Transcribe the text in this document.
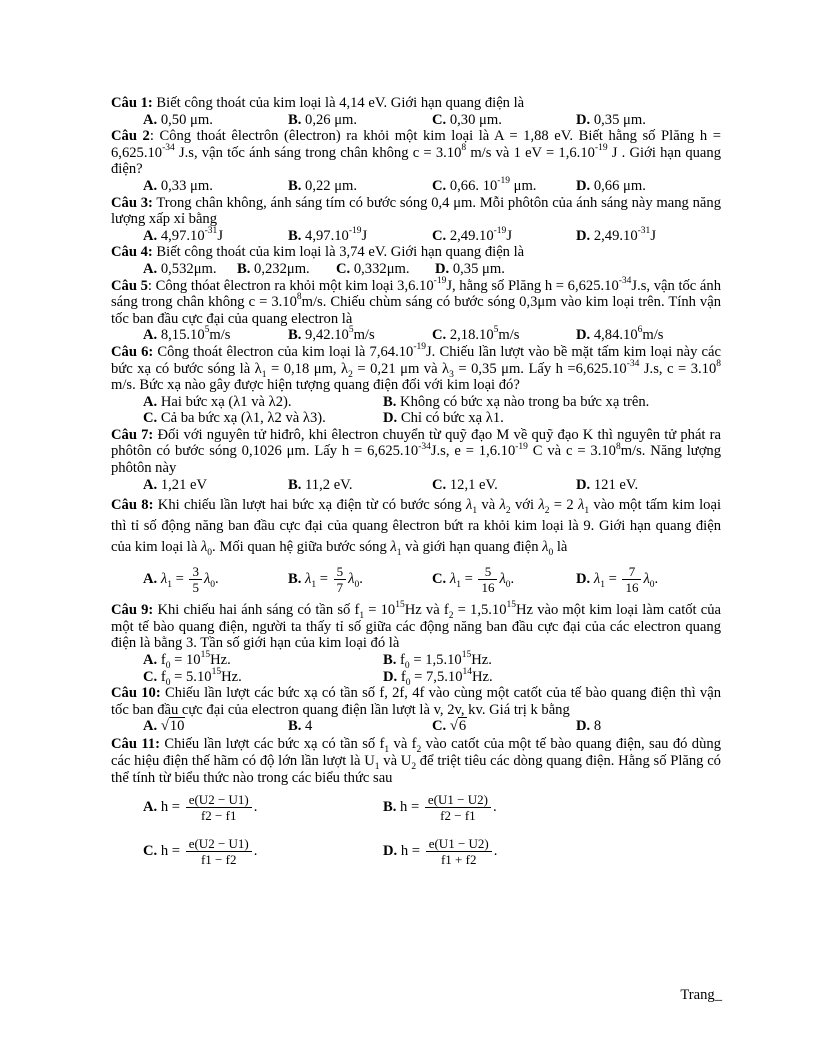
Câu 1: Biết công thoát của kim loại là 4,14 eV. Giới hạn quang điện là
A. 0,50 μm.	B. 0,26 μm.	C. 0,30 μm.	D. 0,35 μm.
Câu 2: Công thoát êlectrôn (êlectron) ra khỏi một kim loại là A = 1,88 eV. Biết hằng số Plăng $h = 6,625.10^{-34}$ J.s, vận tốc ánh sáng trong chân không $c = 3.10^8$ m/s và 1 eV = $1,6.10^{-19}$ J . Giới hạn quang điện?
A. 0,33 μm.	B. 0,22 μm.	C. 0,66. $10^{-19}$ μm.	D. 0,66 μm.
Câu 3: Trong chân không, ánh sáng tím có bước sóng 0,4 μm. Mỗi phôtôn của ánh sáng này mang năng lượng xấp xỉ bằng
A. $4,97.10^{-31}J$	B. $4,97.10^{-19}J$	C. $2,49.10^{-19}J$	D. $2,49.10^{-31}J$
Câu 4: Biết công thoát của kim loại là 3,74 eV. Giới hạn quang điện là
A. 0,532μm. B. 0,232μm. C. 0,332μm. D. 0,35 μm.
Câu 5: Công thóat êlectron ra khỏi một kim loại $3,6.10^{-19}J$, hằng số Plăng $h = 6,625.10^{-34}J.s$, vận tốc ánh sáng trong chân không $c = 3.10^8m/s$. Chiếu chùm sáng có bước sóng 0,3μm vào kim loại trên. Tính vận tốc ban đầu cực đại của quang electron là
A. 8,15.10$^5$m/s	B. 9,42.10$^5$m/s	C. 2,18.10$^5$m/s	D. 4,84.10$^6$m/s
Câu 6: Công thoát êlectron của kim loại là $7,64.10^{-19}J$. Chiếu lần lượt vào bề mặt tấm kim loại này các bức xạ có bước sóng là $\lambda_1 = 0,18$ μm, $\lambda_2 = 0,21$ μm và $\lambda_3 = 0,35$ μm. Lấy $h =6,625.10^{-34}$ J.s, $c = 3.10^8$ m/s. Bức xạ nào gây được hiện tượng quang điện đối với kim loại đó?
A. Hai bức xạ (λ1 và λ2).	B. Không có bức xạ nào trong ba bức xạ trên.
C. Cả ba bức xạ (λ1, λ2 và λ3).	D. Chỉ có bức xạ λ1.
Câu 7: Đối với nguyên tử hiđrô, khi êlectron chuyển từ quỹ đạo M về quỹ đạo K thì nguyên tử phát ra phôtôn có bước sóng 0,1026 μm. Lấy $h = 6,625.10^{-34}J.s$, $e = 1,6.10^{-19}$ C và $c = 3.10^8m/s$. Năng lượng phôtôn này
A. 1,21 eV	B. 11,2 eV.	C. 12,1 eV.	D. 121 eV.
Câu 8: Khi chiếu lần lượt hai bức xạ điện từ có bước sóng $\lambda_1$ và $\lambda_2$ với $\lambda_2 = 2$ $\lambda_1$ vào một tấm kim loại thì tỉ số động năng ban đầu cực đại của quang êlectron bứt ra khỏi kim loại là 9. Giới hạn quang điện của kim loại là $\lambda_0$. Mối quan hệ giữa bước sóng $\lambda_1$ và giới hạn quang điện $\lambda_0$ là
A. $\lambda_1 = \frac{3}{5} \lambda_0$.	B. $\lambda_1 = \frac{5}{7} \lambda_0$.	C. $\lambda_1 = \frac{5}{16} \lambda_0$.	D. $\lambda_1 = \frac{7}{16} \lambda_0$.
Câu 9: Khi chiếu hai ánh sáng có tần số $f_1 = 10^{15}Hz$ và $f_2 = 1,5.10^{15}Hz$ vào một kim loại làm catốt của một tế bào quang điện, người ta thấy tỉ số giữa các động năng ban đầu cực đại của các electron quang điện là bằng 3. Tần số giới hạn của kim loại đó là
A. $f_0 = 10^{15}Hz$.	B. $f_0 = 1,5.10^{15}Hz$.
C. $f_0 = 5.10^{15}Hz$.	D. $f_0 = 7,5.10^{14}Hz$.
Câu 10: Chiếu lần lượt các bức xạ có tần số f, 2f, 4f vào cùng một catốt của tế bào quang điện thì vận tốc ban đầu cực đại của electron quang điện lần lượt là v, 2v, kv. Giá trị k bằng
A. √10	B. 4	C. √6	D. 8
Câu 11: Chiếu lần lượt các bức xạ có tần số $f_1$ và $f_2$ vào catốt của một tế bào quang điện, sau đó dùng các hiệu điện thế hãm có độ lớn lần lượt là $U_1$ và $U_2$ để triệt tiêu các dòng quang điện. Hằng số Plăng có thể tính từ biểu thức nào trong các biểu thức sau
A. $h = \frac{e(U2 - U1)}{f2 - f1}$ .	B. $h = \frac{e(U1 - U2)}{f2 - f1}$ .
C. $h = \frac{e(U2 - U1)}{f1 - f2}$ .	D. $h = \frac{e(U1 - U2)}{f1 + f2}$ .
Trang_
